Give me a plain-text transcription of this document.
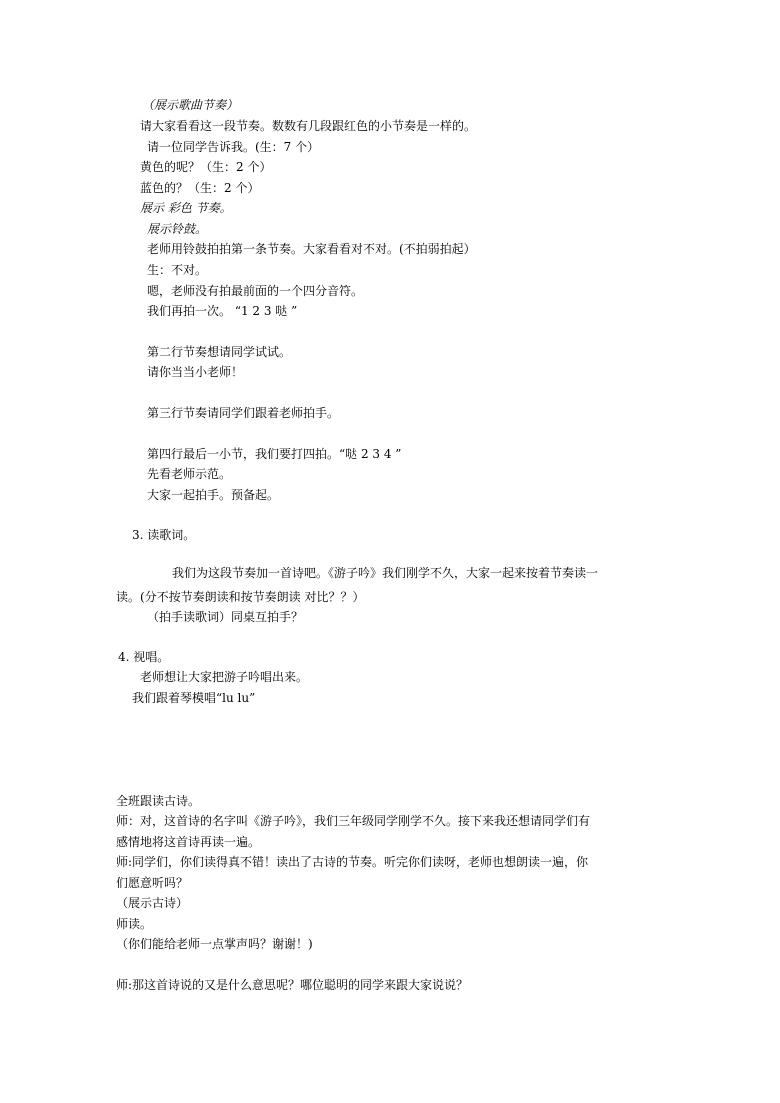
（展示歌曲节奏）
请大家看看这一段节奏。数数有几段跟红色的小节奏是一样的。
请一位同学告诉我。(生：7 个）
黄色的呢？（生：2 个）
蓝色的？（生：2 个）
展示 彩色 节奏。
展示铃鼓。
老师用铃鼓拍拍第一条节奏。大家看看对不对。(不拍弱拍起）
生：不对。
嗯，老师没有拍最前面的一个四分音符。
我们再拍一次。 “1 2 3 哒 ”
第二行节奏想请同学试试。
请你当当小老师！
第三行节奏请同学们跟着老师拍手。
第四行最后一小节，我们要打四拍。“哒 2 3 4 ”
先看老师示范。
大家一起拍手。预备起。
3. 读歌词。
我们为这段节奏加一首诗吧。《游子吟》我们刚学不久，大家一起来按着节奏读一
读。(分不按节奏朗读和按节奏朗读 对比？？）
（拍手读歌词）同桌互拍手？
4. 视唱。
老师想让大家把游子吟唱出来。
我们跟着琴模唱“lu lu”
全班跟读古诗。
师：对，这首诗的名字叫《游子吟》，我们三年级同学刚学不久。接下来我还想请同学们有
感情地将这首诗再读一遍。
师:同学们，你们读得真不错！读出了古诗的节奏。听完你们读呀，老师也想朗读一遍，你
们愿意听吗？
（展示古诗）
师读。
（你们能给老师一点掌声吗？谢谢！)
师:那这首诗说的又是什么意思呢？哪位聪明的同学来跟大家说说？
